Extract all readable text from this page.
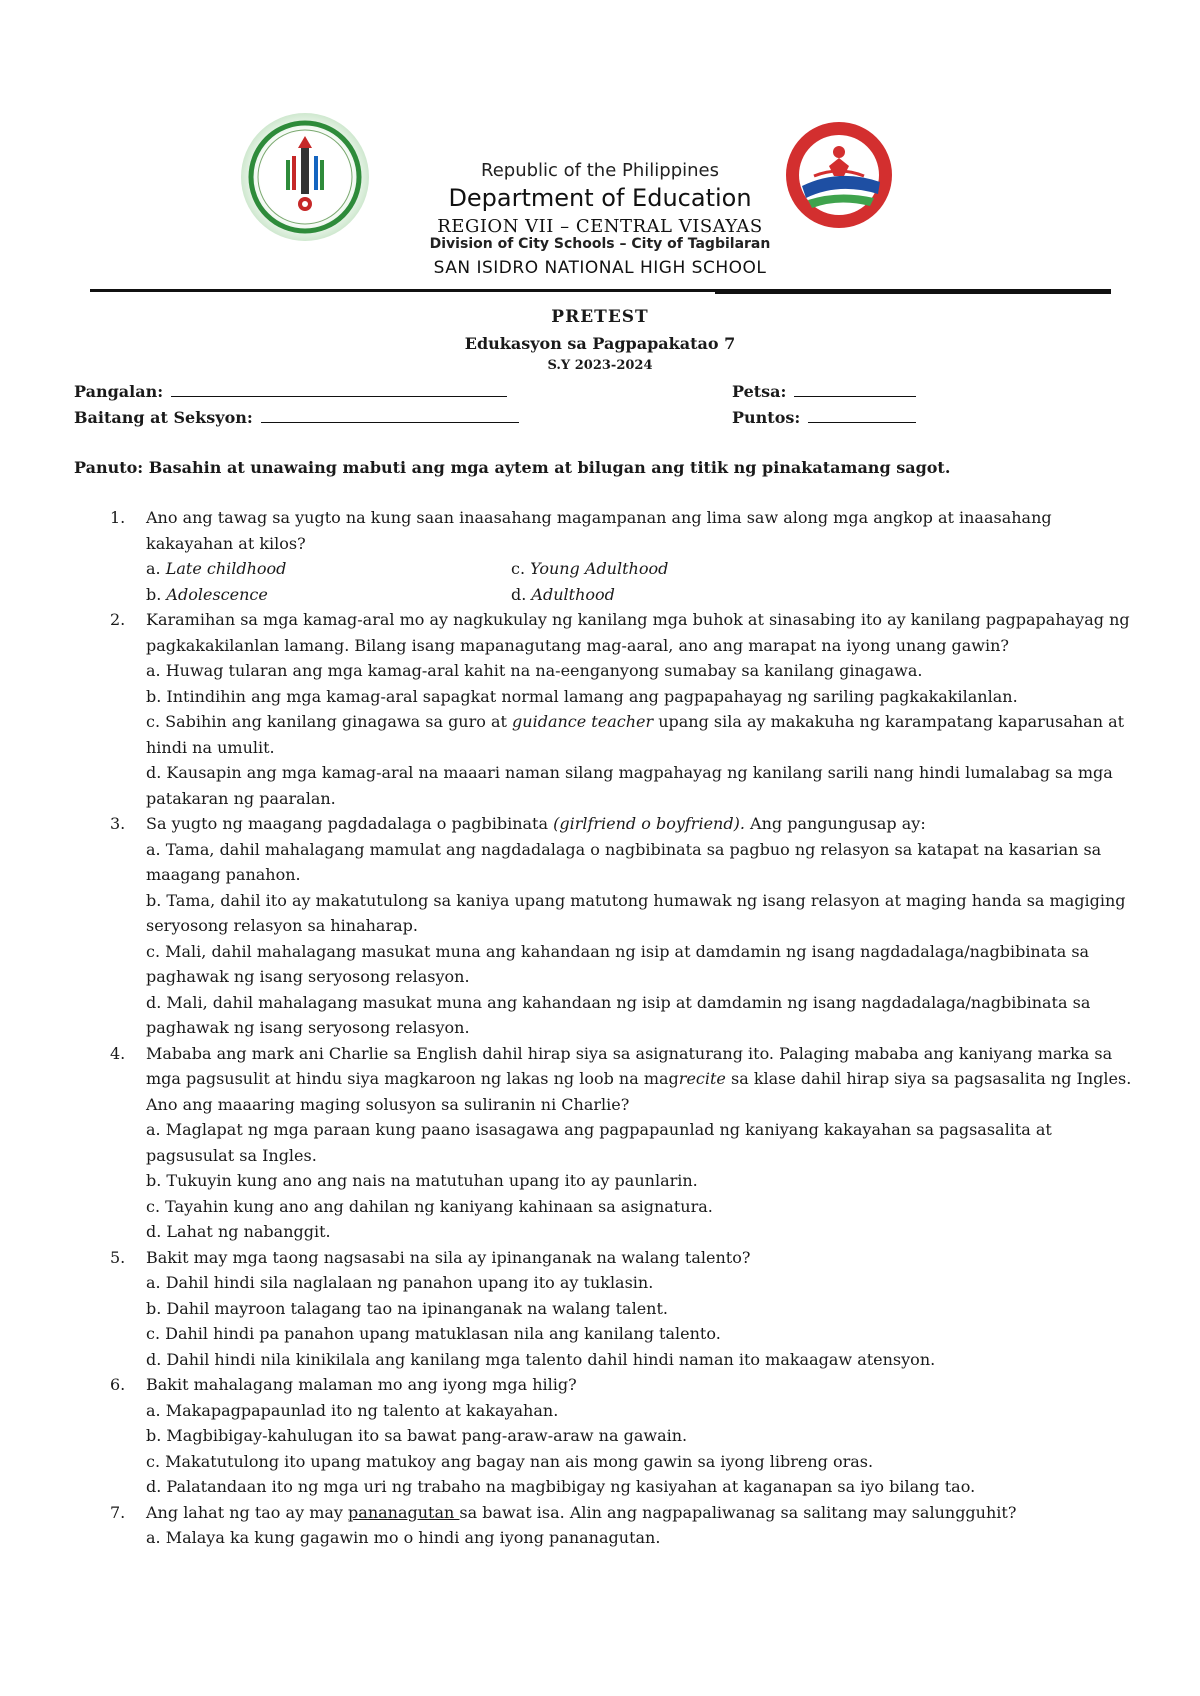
Republic of the Philippines
Department of Education
REGION VII – CENTRAL VISAYAS
Division of City Schools – City of Tagbilaran
SAN ISIDRO NATIONAL HIGH SCHOOL
PRETEST
Edukasyon sa Pagpapakatao 7
S.Y 2023-2024
Pangalan:	Petsa:
Baitang at Seksyon:	Puntos:
Panuto: Basahin at unawaing mabuti ang mga aytem at bilugan ang titik ng pinakatamang sagot.
1. Ano ang tawag sa yugto na kung saan inaasahang magampanan ang lima saw along mga angkop at inaasahang kakayahan at kilos?
a. Late childhood	c. Young Adulthood
b. Adolescence	d. Adulthood
2. Karamihan sa mga kamag-aral mo ay nagkukulay ng kanilang mga buhok at sinasabing ito ay kanilang pagpapahayag ng pagkakakilanlan lamang. Bilang isang mapanagutang mag-aaral, ano ang marapat na iyong unang gawin?
a. Huwag tularan ang mga kamag-aral kahit na na-eenganyong sumabay sa kanilang ginagawa.
b. Intindihin ang mga kamag-aral sapagkat normal lamang ang pagpapahayag ng sariling pagkakakilanlan.
c. Sabihin ang kanilang ginagawa sa guro at guidance teacher upang sila ay makakuha ng karampatang kaparusahan at hindi na umulit.
d. Kausapin ang mga kamag-aral na maaari naman silang magpahayag ng kanilang sarili nang hindi lumalabag sa mga patakaran ng paaralan.
3. Sa yugto ng maagang pagdadalaga o pagbibinata (girlfriend o boyfriend). Ang pangungusap ay:
a. Tama, dahil mahalagang mamulat ang nagdadalaga o nagbibinata sa pagbuo ng relasyon sa katapat na kasarian sa maagang panahon.
b. Tama, dahil ito ay makatutulong sa kaniya upang matutong humawak ng isang relasyon at maging handa sa magiging seryosong relasyon sa hinaharap.
c. Mali, dahil mahalagang masukat muna ang kahandaan ng isip at damdamin ng isang nagdadalaga/nagbibinata sa paghawak ng isang seryosong relasyon.
d. Mali, dahil mahalagang masukat muna ang kahandaan ng isip at damdamin ng isang nagdadalaga/nagbibinata sa paghawak ng isang seryosong relasyon.
4. Mababa ang mark ani Charlie sa English dahil hirap siya sa asignaturang ito. Palaging mababa ang kaniyang marka sa mga pagsusulit at hindu siya magkaroon ng lakas ng loob na magrecite sa klase dahil hirap siya sa pagsasalita ng Ingles. Ano ang maaaring maging solusyon sa suliranin ni Charlie?
a. Maglapat ng mga paraan kung paano isasagawa ang pagpapaunlad ng kaniyang kakayahan sa pagsasalita at pagsusulat sa Ingles.
b. Tukuyin kung ano ang nais na matutuhan upang ito ay paunlarin.
c. Tayahin kung ano ang dahilan ng kaniyang kahinaan sa asignatura.
d. Lahat ng nabanggit.
5. Bakit may mga taong nagsasabi na sila ay ipinanganak na walang talento?
a. Dahil hindi sila naglalaan ng panahon upang ito ay tuklasin.
b. Dahil mayroon talagang tao na ipinanganak na walang talent.
c. Dahil hindi pa panahon upang matuklasan nila ang kanilang talento.
d. Dahil hindi nila kinikilala ang kanilang mga talento dahil hindi naman ito makaagaw atensyon.
6. Bakit mahalagang malaman mo ang iyong mga hilig?
a. Makapagpapaunlad ito ng talento at kakayahan.
b. Magbibigay-kahulugan ito sa bawat pang-araw-araw na gawain.
c. Makatutulong ito upang matukoy ang bagay nan ais mong gawin sa iyong libreng oras.
d. Palatandaan ito ng mga uri ng trabaho na magbibigay ng kasiyahan at kaganapan sa iyo bilang tao.
7. Ang lahat ng tao ay may pananagutan sa bawat isa. Alin ang nagpapaliwanag sa salitang may salungguhit?
a. Malaya ka kung gagawin mo o hindi ang iyong pananagutan.
